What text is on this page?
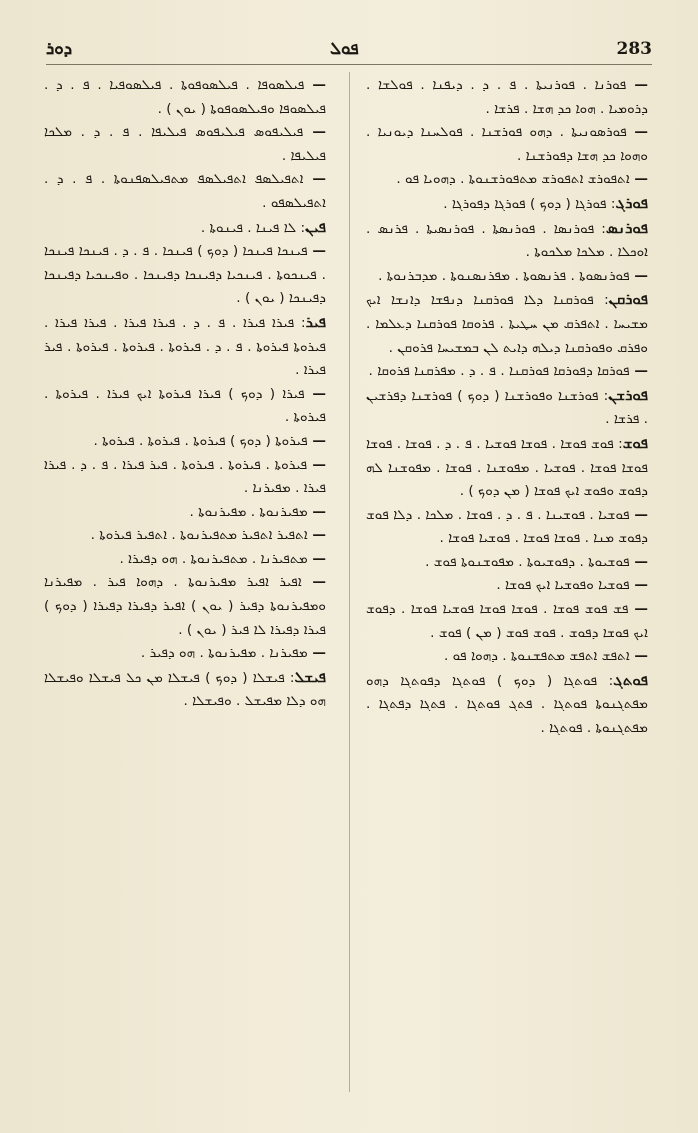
ܕܘܪ	ܦܘܠ	283

— ܦܘܪܢܐ . ܦܘܪܢܝܬܐ . ܦ . ܕ . ܕܝܦܢܐ . ܦܘܠܫܐ . ܕܪܘܡܝܐ . ܗܘܐ ܟܕ ܗܫܐ . ܦܪܫܐ .

— ܦܘܪܣܘܢܝܬܐ . ܕܗܘ ܦܘܪܫܢܐ . ܦܘܠܚܢܐ ܕܝܘܢܝܐ . ܘܗܘܐ ܟܕ ܗܫܐ ܕܦܘܪܫܢܐ .

— ܐܬܦܘܪܫ ܐܬܦܘܪܫ ܡܬܦܘܪܫܢܘܬܐ . ܕܗܘܝܐ ܦܘ .

ܦܘܪܓ: ܦܘܪܓܐ ( ܕܘܟ ) ܦܘܪܓܐ ܕܦܘܪܓܐ .

ܦܘܪܢܣ: ܦܘܪܢܣܐ . ܦܘܪܢܣܬܐ . ܦܘܪܢܣܝܬܐ . ܦܪܢܣ . ܐܘܟܠܐ . ܡܠܟܐ ܡܠܟܘܬܐ .

— ܦܘܪܢܣܘܬܐ . ܦܪܢܣܘܬܐ . ܡܦܪܢܣܢܘܬܐ . ܡܕܒܪܢܘܬܐ .

ܦܘܪܩܢ: ܦܘܪܩܢܐ ܕܠܐ ܦܘܪܩܢܐ ܕܢܦܫܐ ܕܐܢܫܐ ܐܝܟ ܡܫܝܚܐ . ܐܬܦܪܩ ܡܢ ܚܛܝܬܐ . ܦܪܘܩܐ ܦܘܪܩܢܐ ܕܥܠܡܐ . ܘܦܪܩ ܘܦܘܪܩܢܐ ܕܝܠܗ ܕܐܝܬ ܠܢ ܒܡܫܝܚܐ ܦܪܘܩܢ .

— ܦܘܪܩܐ ܕܦܘܪܩܐ ܦܘܪܩܢܐ . ܦ . ܕ . ܡܦܪܩܢܐ ܦܪܘܩܐ .

ܦܘܪܫܢ: ܦܘܪܫܢܐ ܘܦܘܪܫܢܐ ( ܕܘܟ ) ܦܘܪܫܢܐ ܕܦܪܫܝܢ . ܦܪܫܐ .

ܦܘܫ: ܦܘܫ ܦܘܫܐ . ܦܘܫܐ ܦܘܫܝܐ . ܦ . ܕ . ܦܘܫܐ . ܦܘܫܐ ܦܘܫܐ ܦܘܫܐ . ܦܘܫܝܐ . ܡܦܘܫܢܐ . ܦܘܫܐ . ܡܦܘܫܢܐ ܠܗ ܕܦܘܫ ܘܦܘܫ ܐܝܟ ܦܘܫܐ ( ܡܢ ܕܘܟ ) .

— ܦܘܫܝܐ . ܦܘܫܝܢܐ . ܦ . ܕ . ܦܘܫܐ . ܡܠܟܐ . ܕܠܐ ܦܘܫ ܕܦܘܫ ܡܢܐ . ܦܘܫܐ ܦܘܫܐ . ܦܘܫܝܐ ܦܘܫܐ .

— ܦܘܫܝܘܬܐ . ܕܦܘܫܝܘܬܐ . ܡܦܘܫܢܘܬܐ ܦܘܫ .

— ܦܘܫܝܐ ܘܦܘܫܝܐ ܐܝܟ ܦܘܫܐ .

— ܦܫ ܦܘܫ ܦܘܫܐ . ܦܘܫܐ ܦܘܫܐ ܦܘܫܝܐ ܦܘܫܐ . ܕܦܘܫ ܐܝܟ ܦܘܫܐ ܕܦܘܫ . ܦܘܫ ܦܘܫ ( ܡܢ ) ܦܘܫ .

— ܐܬܦܫ ܐܬܦܫ ܡܬܦܫܢܘܬܐ . ܕܗܘܐ ܦܘ .

ܦܘܬܓ: ܦܘܬܓܐ ( ܕܘܟ ) ܦܘܬܓܐ ܕܦܘܬܓܐ ܕܗܘ ܡܦܬܓܢܘܬܐ ܦܘܬܓܐ . ܦܬܓ ܦܘܬܓܐ . ܦܬܓܐ ܕܦܬܓܐ . ܡܦܬܓܢܘܬܐ . ܦܘܬܓܐ .

— ܦܝܠܣܘܦܐ . ܦܝܠܣܘܦܘܬܐ . ܦܝܠܣܘܦܝܐ . ܦ . ܕ . ܦܝܠܣܘܦܐ ܘܦܝܠܣܘܦܘܬܐ ( ܝܘܢ ) .

— ܦܝܠܝܦܘܣ ܦܝܠܝܦܘܣ ܦܝܠܝܦܐ . ܦ . ܕ . ܡܠܟܐ ܦܝܠܝܦܐ .

— ܐܬܦܝܠܣܦ ܐܬܦܝܠܣܦ ܡܬܦܝܠܣܦܢܘܬܐ . ܦ . ܕ . ܐܬܦܝܠܣܦܘ .

ܦܝܢ: ܠܐ ܦܝܢܐ . ܦܝܢܘܬܐ .

— ܦܝܢܟܐ ܦܝܢܟܐ ( ܕܘܟ ) ܦܝܢܟܐ . ܦ . ܕ . ܦܝܢܟܐ ܦܝܢܟܐ . ܦܝܢܟܘܬܐ . ܦܝܢܟܝܐ ܕܦܝܢܟܐ ܕܦܝܢܟܐ . ܘܦܝܢܟܝܐ ܕܦܝܢܟܐ ܕܦܝܢܟܐ ( ܝܘܢ ) .

ܦܝܪ: ܦܝܪܐ ܦܝܪܐ . ܦ . ܕ . ܦܝܪܐ ܦܝܪܐ . ܦܝܪܐ ܦܝܪܐ . ܦܝܪܘܬܐ ܦܝܪܘܬܐ . ܦ . ܕ . ܦܝܪܘܬܐ . ܦܝܪܘܬܐ . ܦܝܪܘܬܐ . ܦܝܪ ܦܝܪܐ .

— ܦܝܪܐ ( ܕܘܟ ) ܦܝܪܐ ܦܝܪܘܬܐ ܐܝܟ ܦܝܪܐ . ܦܝܪܘܬܐ . ܦܝܪܘܬܐ .

— ܦܝܪܘܬܐ ( ܕܘܟ ) ܦܝܪܘܬܐ . ܦܝܪܘܬܐ . ܦܝܪܘܬܐ .

— ܦܝܪܘܬܐ . ܦܝܪܘܬܐ . ܦܝܪܘܬܐ . ܦܝܪ ܦܝܪܐ . ܦ . ܕ . ܦܝܪܐ ܦܝܪܐ . ܡܦܝܪܢܐ .

— ܡܦܝܪܢܘܬܐ . ܡܦܝܪܢܘܬܐ .

— ܐܬܦܝܪ ܐܬܦܝܪ ܡܬܦܝܪܢܘܬܐ . ܐܬܦܝܪ ܦܝܪܘܬܐ .

— ܡܬܦܝܪܢܐ . ܡܬܦܝܪܢܘܬܐ . ܗܘ ܕܦܝܪܐ .

— ܐܦܝܪ ܐܦܝܪ ܡܦܝܪܢܘܬܐ . ܕܗܘܐ ܦܝܪ . ܡܦܝܪܢܐ ܘܡܦܝܪܢܘܬܐ ܕܦܝܪ ( ܝܘܢ ) ܐܦܝܪ ܕܦܝܪܐ ܕܦܝܪܐ ( ܕܘܟ ) ܦܝܪܐ ܕܦܝܪܐ ܠܐ ܦܝܪ ( ܝܘܢ ) .

— ܡܦܝܪܢܐ . ܡܦܝܪܢܘܬܐ . ܗܘ ܕܦܝܪ .

ܦܝܫܠ: ܦܝܫܠܐ ( ܕܘܟ ) ܦܝܫܠܐ ܡܢ ܟܠ ܦܝܫܠܐ ܘܦܝܫܠܐ ܗܘ ܕܠܐ ܡܦܝܫܠ . ܘܦܝܫܠܐ .
